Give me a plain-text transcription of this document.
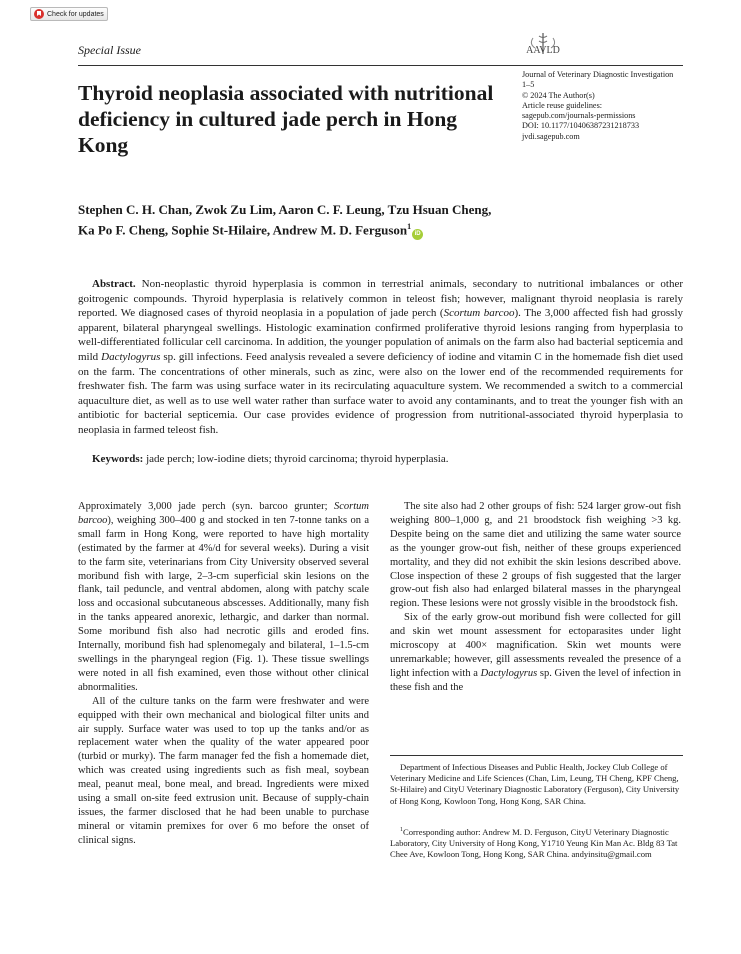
Check for updates
Special Issue	AAVLD
Journal of Veterinary Diagnostic Investigation
1–5
© 2024 The Author(s)
Article reuse guidelines:
sagepub.com/journals-permissions
DOI: 10.1177/10406387231218733
jvdi.sagepub.com
Thyroid neoplasia associated with nutritional deficiency in cultured jade perch in Hong Kong
Stephen C. H. Chan, Zwok Zu Lim, Aaron C. F. Leung, Tzu Hsuan Cheng,
Ka Po F. Cheng, Sophie St-Hilaire, Andrew M. D. Ferguson$^1$iD

Abstract. Non-neoplastic thyroid hyperplasia is common in terrestrial animals, secondary to nutritional imbalances or other goitrogenic compounds. Thyroid hyperplasia is relatively common in teleost fish; however, malignant thyroid neoplasia is rarely reported. We diagnosed cases of thyroid neoplasia in a population of jade perch (Scortum barcoo). The 3,000 affected fish had grossly apparent, bilateral pharyngeal swellings. Histologic examination confirmed proliferative thyroid lesions ranging from hyperplasia to well-differentiated follicular cell carcinoma. In addition, the younger population of animals on the farm also had bacterial septicemia and mild Dactylogyrus sp. gill infections. Feed analysis revealed a severe deficiency of iodine and vitamin C in the homemade fish diet used on the farm. The concentrations of other minerals, such as zinc, were also on the lower end of the recommended requirements for freshwater fish. The farm was using surface water in its recirculating aquaculture system. We recommended a switch to a commercial aquaculture diet, as well as to use well water rather than surface water to avoid any contaminants, and to treat the younger fish with an antibiotic for bacterial septicemia. Our case provides evidence of progression from nutritional-associated thyroid hyperplasia to neoplasia in farmed teleost fish.

Keywords: jade perch; low-iodine diets; thyroid carcinoma; thyroid hyperplasia.

Approximately 3,000 jade perch (syn. barcoo grunter; Scortum barcoo), weighing 300–400 g and stocked in ten 7-tonne tanks on a small farm in Hong Kong, were reported to have high mortality (estimated by the farmer at 4%/d for several weeks). During a visit to the farm site, veterinarians from City University observed several moribund fish with large, 2–3-cm superficial skin lesions on the flank, tail peduncle, and ventral abdomen, along with patchy scale loss and occasional subcutaneous abscesses. Additionally, many fish in the tanks appeared anorexic, lethargic, and darker than normal. Some moribund fish also had necrotic gills and eroded fins. Internally, moribund fish had splenomegaly and bilateral, 1–1.5-cm swellings in the pharyngeal region (Fig. 1). These tissue swellings were noted in all fish examined, even those without other clinical abnormalities.

All of the culture tanks on the farm were freshwater and were equipped with their own mechanical and biological filter units and air supply. Surface water was used to top up the tanks and/or as replacement water when the quality of the water appeared poor (turbid or murky). The farm manager fed the fish a homemade diet, which was created using ingredients such as fish meal, soybean meal, peanut meal, bone meal, and bread. Ingredients were mixed using a small on-site feed extrusion unit. Because of supply-chain issues, the farmer disclosed that he had been unable to purchase mineral or vitamin premixes for over 6 mo before the onset of clinical signs.

The site also had 2 other groups of fish: 524 larger grow-out fish weighing 800–1,000 g, and 21 broodstock fish weighing >3 kg. Despite being on the same diet and utilizing the same water source as the younger grow-out fish, neither of these groups experienced mortality, and they did not exhibit the skin lesions described above. Close inspection of these 2 groups of fish suggested that the larger grow-out fish also had enlarged bilateral masses in the pharyngeal region. These lesions were not grossly visible in the broodstock fish.

Six of the early grow-out moribund fish were collected for gill and skin wet mount assessment for ectoparasites under light microscopy at 400× magnification. Skin wet mounts were unremarkable; however, gill assessments revealed the presence of a light infection with a Dactylogyrus sp. Given the level of infection in these fish and the

Department of Infectious Diseases and Public Health, Jockey Club College of Veterinary Medicine and Life Sciences (Chan, Lim, Leung, TH Cheng, KPF Cheng, St-Hilaire) and CityU Veterinary Diagnostic Laboratory (Ferguson), City University of Hong Kong, Kowloon Tong, Hong Kong, SAR China.

$^1$Corresponding author: Andrew M. D. Ferguson, CityU Veterinary Diagnostic Laboratory, City University of Hong Kong, Y1710 Yeung Kin Man Ac. Bldg 83 Tat Chee Ave, Kowloon Tong, Hong Kong, SAR China. andyinsitu@gmail.com
